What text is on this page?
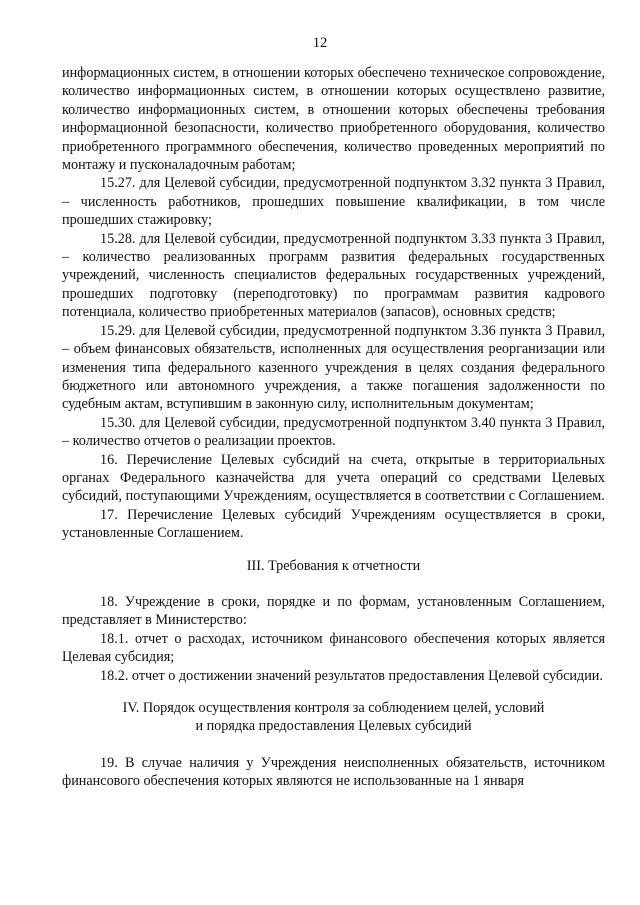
12

информационных систем, в отношении которых обеспечено техническое сопровождение, количество информационных систем, в отношении которых осуществлено развитие, количество информационных систем, в отношении которых обеспечены требования информационной безопасности, количество приобретенного оборудования, количество приобретенного программного обеспечения, количество проведенных мероприятий по монтажу и пусконаладочным работам;

15.27. для Целевой субсидии, предусмотренной подпунктом 3.32 пункта 3 Правил, – численность работников, прошедших повышение квалификации, в том числе прошедших стажировку;

15.28. для Целевой субсидии, предусмотренной подпунктом 3.33 пункта 3 Правил, – количество реализованных программ развития федеральных государственных учреждений, численность специалистов федеральных государственных учреждений, прошедших подготовку (переподготовку) по программам развития кадрового потенциала, количество приобретенных материалов (запасов), основных средств;

15.29. для Целевой субсидии, предусмотренной подпунктом 3.36 пункта 3 Правил, – объем финансовых обязательств, исполненных для осуществления реорганизации или изменения типа федерального казенного учреждения в целях создания федерального бюджетного или автономного учреждения, а также погашения задолженности по судебным актам, вступившим в законную силу, исполнительным документам;

15.30. для Целевой субсидии, предусмотренной подпунктом 3.40 пункта 3 Правил, – количество отчетов о реализации проектов.

16. Перечисление Целевых субсидий на счета, открытые в территориальных органах Федерального казначейства для учета операций со средствами Целевых субсидий, поступающими Учреждениям, осуществляется в соответствии с Соглашением.

17. Перечисление Целевых субсидий Учреждениям осуществляется в сроки, установленные Соглашением.

III. Требования к отчетности

18. Учреждение в сроки, порядке и по формам, установленным Соглашением, представляет в Министерство:

18.1. отчет о расходах, источником финансового обеспечения которых является Целевая субсидия;

18.2. отчет о достижении значений результатов предоставления Целевой субсидии.

IV. Порядок осуществления контроля за соблюдением целей, условий

и порядка предоставления Целевых субсидий

19. В случае наличия у Учреждения неисполненных обязательств, источником финансового обеспечения которых являются не использованные на 1 января
